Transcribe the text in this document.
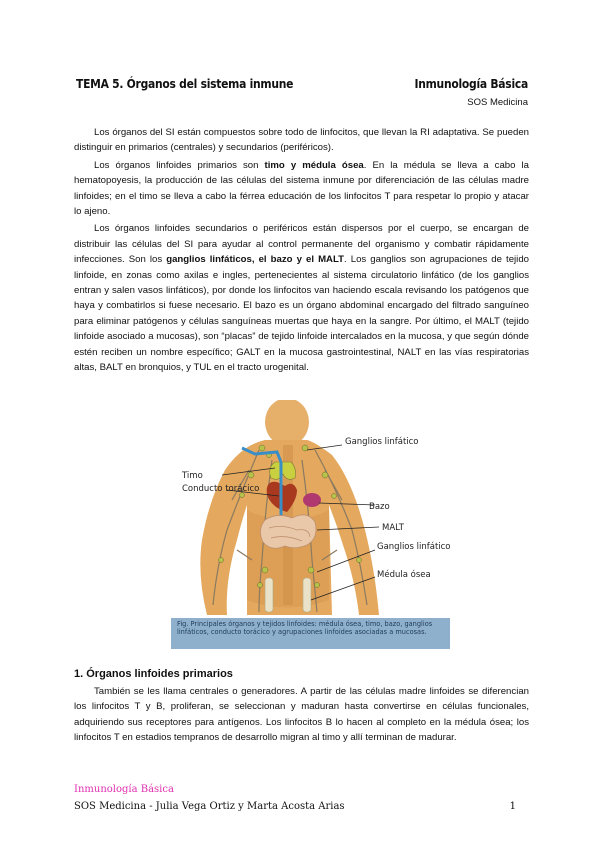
TEMA 5. Órganos del sistema inmune	Inmunología Básica
SOS Medicina

Los órganos del SI están compuestos sobre todo de linfocitos, que llevan la RI adaptativa. Se pueden distinguir en primarios (centrales) y secundarios (periféricos).

Los órganos linfoides primarios son timo y médula ósea. En la médula se lleva a cabo la hematopoyesis, la producción de las células del sistema inmune por diferenciación de las células madre linfoides; en el timo se lleva a cabo la férrea educación de los linfocitos T para respetar lo propio y atacar lo ajeno.

Los órganos linfoides secundarios o periféricos están dispersos por el cuerpo, se encargan de distribuir las células del SI para ayudar al control permanente del organismo y combatir rápidamente infecciones. Son los ganglios linfáticos, el bazo y el MALT. Los ganglios son agrupaciones de tejido linfoide, en zonas como axilas e ingles, pertenecientes al sistema circulatorio linfático (de los ganglios entran y salen vasos linfáticos), por donde los linfocitos van haciendo escala revisando los patógenos que haya y combatirlos si fuese necesario. El bazo es un órgano abdominal encargado del filtrado sanguíneo para eliminar patógenos y células sanguíneas muertas que haya en la sangre. Por último, el MALT (tejido linfoide asociado a mucosas), son “placas” de tejido linfoide intercalados en la mucosa, y que según dónde estén reciben un nombre específico; GALT en la mucosa gastrointestinal, NALT en las vías respiratorias altas, BALT en bronquios, y TUL en el tracto urogenital.

Ganglios linfático
Timo
Conducto torácico
Bazo
MALT
Ganglios linfático
Médula ósea
Fig. Principales órganos y tejidos linfoides: médula ósea, timo, bazo, ganglios linfáticos, conducto torácico y agrupaciones linfoides asociadas a mucosas.
1. Órganos linfoides primarios

También se les llama centrales o generadores. A partir de las células madre linfoides se diferencian los linfocitos T y B, proliferan, se seleccionan y maduran hasta convertirse en células funcionales, adquiriendo sus receptores para antígenos. Los linfocitos B lo hacen al completo en la médula ósea; los linfocitos T en estadios tempranos de desarrollo migran al timo y allí terminan de madurar.

Inmunología Básica
SOS Medicina - Julia Vega Ortiz y Marta Acosta Arias	1
